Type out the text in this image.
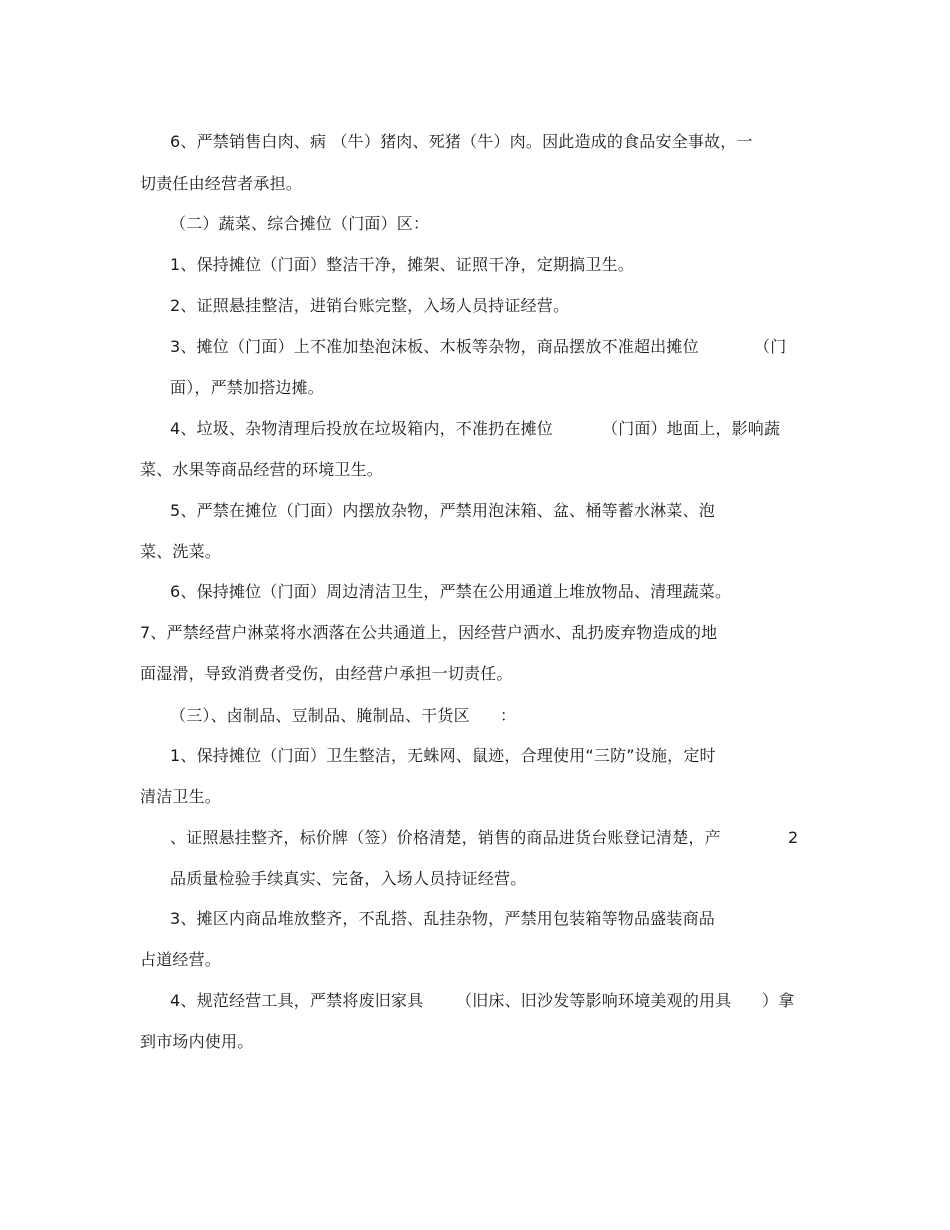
6、严禁销售白肉、病 （牛）猪肉、死猪（牛）肉。因此造成的食品安全事故，一
切责任由经营者承担。
（二）蔬菜、综合摊位（门面）区：
1、保持摊位（门面）整洁干净，摊架、证照干净，定期搞卫生。
2、证照悬挂整洁，进销台账完整，入场人员持证经营。
3、摊位（门面）上不准加垫泡沫板、木板等杂物，商品摆放不准超出摊位	（门
面），严禁加搭边摊。
4、垃圾、杂物清理后投放在垃圾箱内，不准扔在摊位	（门面）地面上，影响蔬
菜、水果等商品经营的环境卫生。
5、严禁在摊位（门面）内摆放杂物，严禁用泡沫箱、盆、桶等蓄水淋菜、泡
菜、洗菜。
6、保持摊位（门面）周边清洁卫生，严禁在公用通道上堆放物品、清理蔬菜。
7、严禁经营户淋菜将水洒落在公共通道上，因经营户洒水、乱扔废弃物造成的地
面湿滑，导致消费者受伤，由经营户承担一切责任。
（三）、卤制品、豆制品、腌制品、干货区 ：
1、保持摊位（门面）卫生整洁，无蛛网、鼠迹，合理使用“三防”设施，定时
清洁卫生。
、证照悬挂整齐，标价牌（签）价格清楚，销售的商品进货台账登记清楚，产	2
品质量检验手续真实、完备，入场人员持证经营。
3、摊区内商品堆放整齐，不乱搭、乱挂杂物，严禁用包装箱等物品盛装商品
占道经营。
4、规范经营工具，严禁将废旧家具 （旧床、旧沙发等影响环境美观的用具 ）拿
到市场内使用。
